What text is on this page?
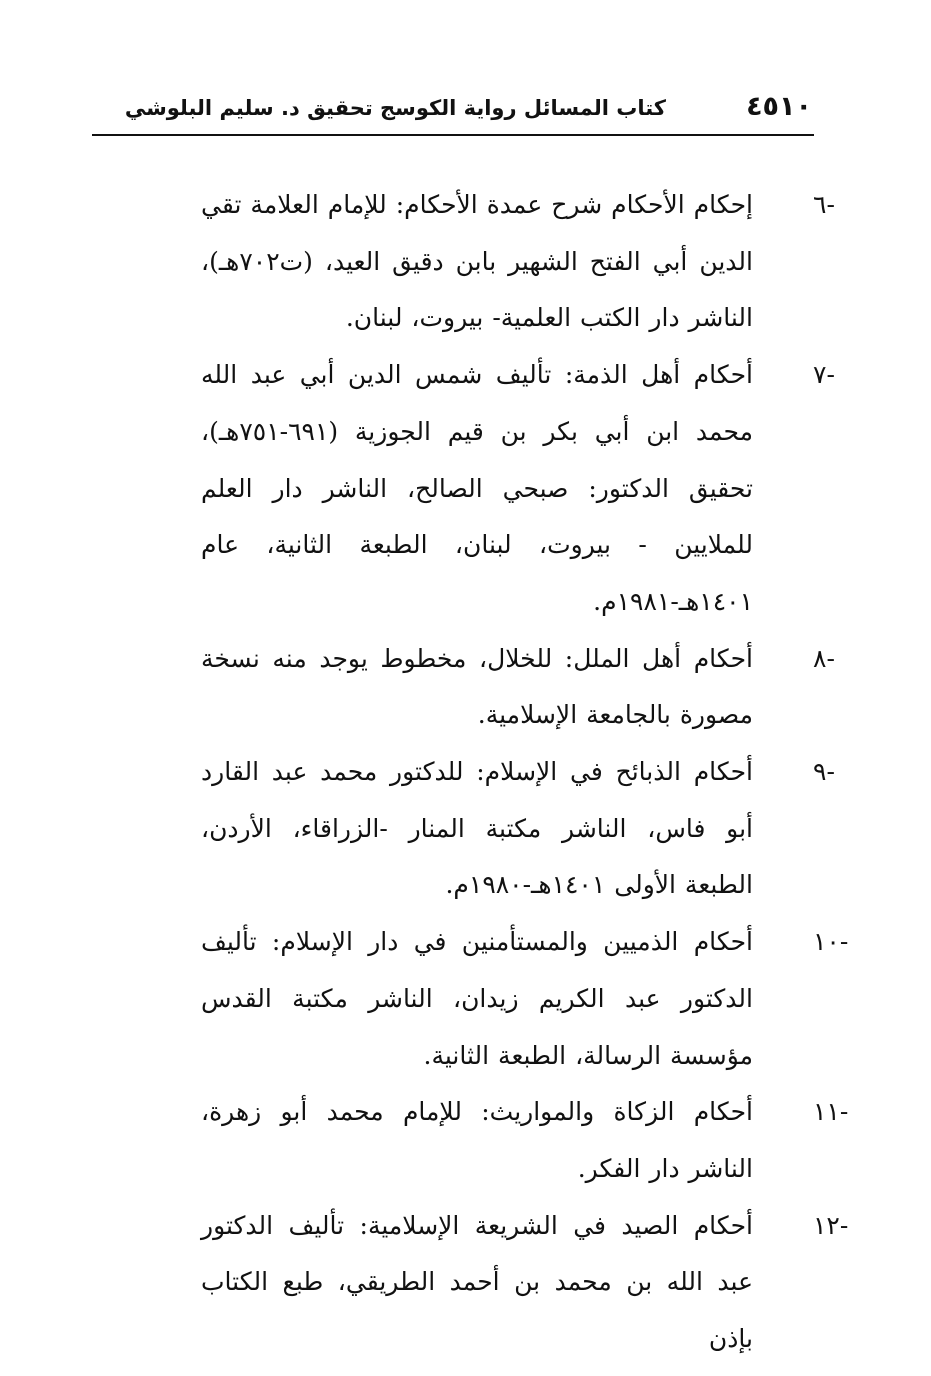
٤٥١٠
كتاب المسائل رواية الكوسج تحقيق د. سليم البلوشي
٦-
إحكام الأحكام شرح عمدة الأحكام: للإمام العلامة تقي الدين أبي الفتح الشهير بابن دقيق العيد، (ت٧٠٢هـ)، الناشر دار الكتب العلمية- بيروت، لبنان.
٧-
أحكام أهل الذمة: تأليف شمس الدين أبي عبد الله محمد ابن أبي بكر بن قيم الجوزية (٦٩١-٧٥١هـ)، تحقيق الدكتور: صبحي الصالح، الناشر دار العلم للملايين - بيروت، لبنان، الطبعة الثانية، عام ١٤٠١هـ-١٩٨١م.
٨-
أحكام أهل الملل: للخلال، مخطوط يوجد منه نسخة مصورة بالجامعة الإسلامية.
٩-
أحكام الذبائح في الإسلام: للدكتور محمد عبد القارد أبو فاس، الناشر مكتبة المنار -الزراقاء، الأردن، الطبعة الأولى ١٤٠١هـ-١٩٨٠م.
١٠-
أحكام الذميين والمستأمنين في دار الإسلام: تأليف الدكتور عبد الكريم زيدان، الناشر مكتبة القدس مؤسسة الرسالة، الطبعة الثانية.
١١-
أحكام الزكاة والمواريث: للإمام محمد أبو زهرة، الناشر دار الفكر.
١٢-
أحكام الصيد في الشريعة الإسلامية: تأليف الدكتور عبد الله بن محمد بن أحمد الطريقي، طبع الكتاب بإذن
